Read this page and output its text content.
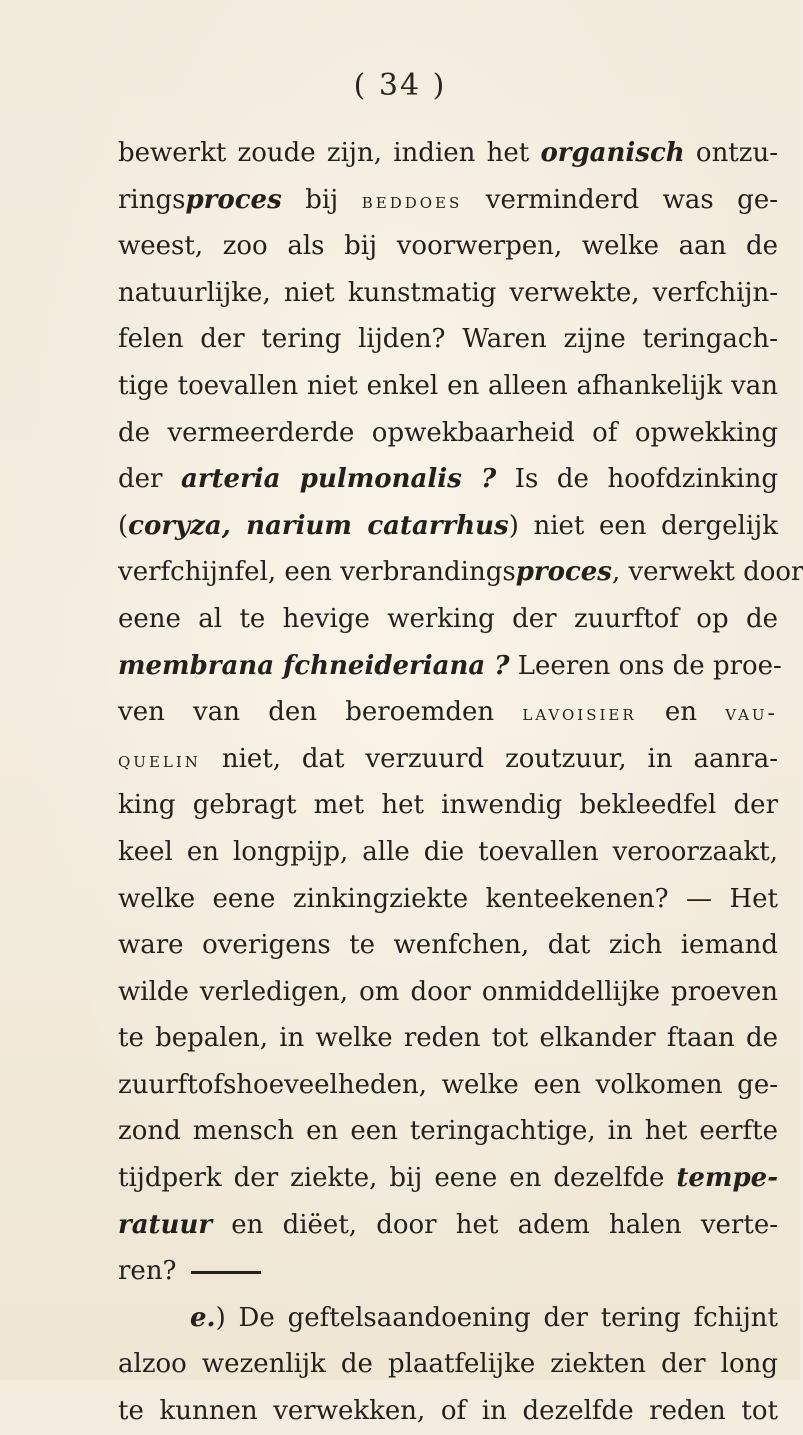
( 34 )
bewerkt zoude zijn, indien het organisch ontzu-
ringsproces bij beddoes verminderd was ge-
weest, zoo als bij voorwerpen, welke aan de
natuurlijke, niet kunstmatig verwekte, verfchijn-
felen der tering lijden? Waren zijne teringach-
tige toevallen niet enkel en alleen afhankelijk van
de vermeerderde opwekbaarheid of opwekking
der arteria pulmonalis ? Is de hoofdzinking
(coryza, narium catarrhus) niet een dergelijk
verfchijnfel, een verbrandingsproces, verwekt door
eene al te hevige werking der zuurftof op de
membrana fchneideriana ? Leeren ons de proe-
ven van den beroemden lavoisier en vau-
quelin niet, dat verzuurd zoutzuur, in aanra-
king gebragt met het inwendig bekleedfel der
keel en longpijp, alle die toevallen veroorzaakt,
welke eene zinkingziekte kenteekenen? — Het
ware overigens te wenfchen, dat zich iemand
wilde verledigen, om door onmiddellijke proeven
te bepalen, in welke reden tot elkander ftaan de
zuurftofshoeveelheden, welke een volkomen ge-
zond mensch en een teringachtige, in het eerfte
tijdperk der ziekte, bij eene en dezelfde tempe-
ratuur en diëet, door het adem halen verte-
ren?
e.) De geftelsaandoening der tering fchijnt
alzoo wezenlijk de plaatfelijke ziekten der long
te kunnen verwekken, of in dezelfde reden tot
